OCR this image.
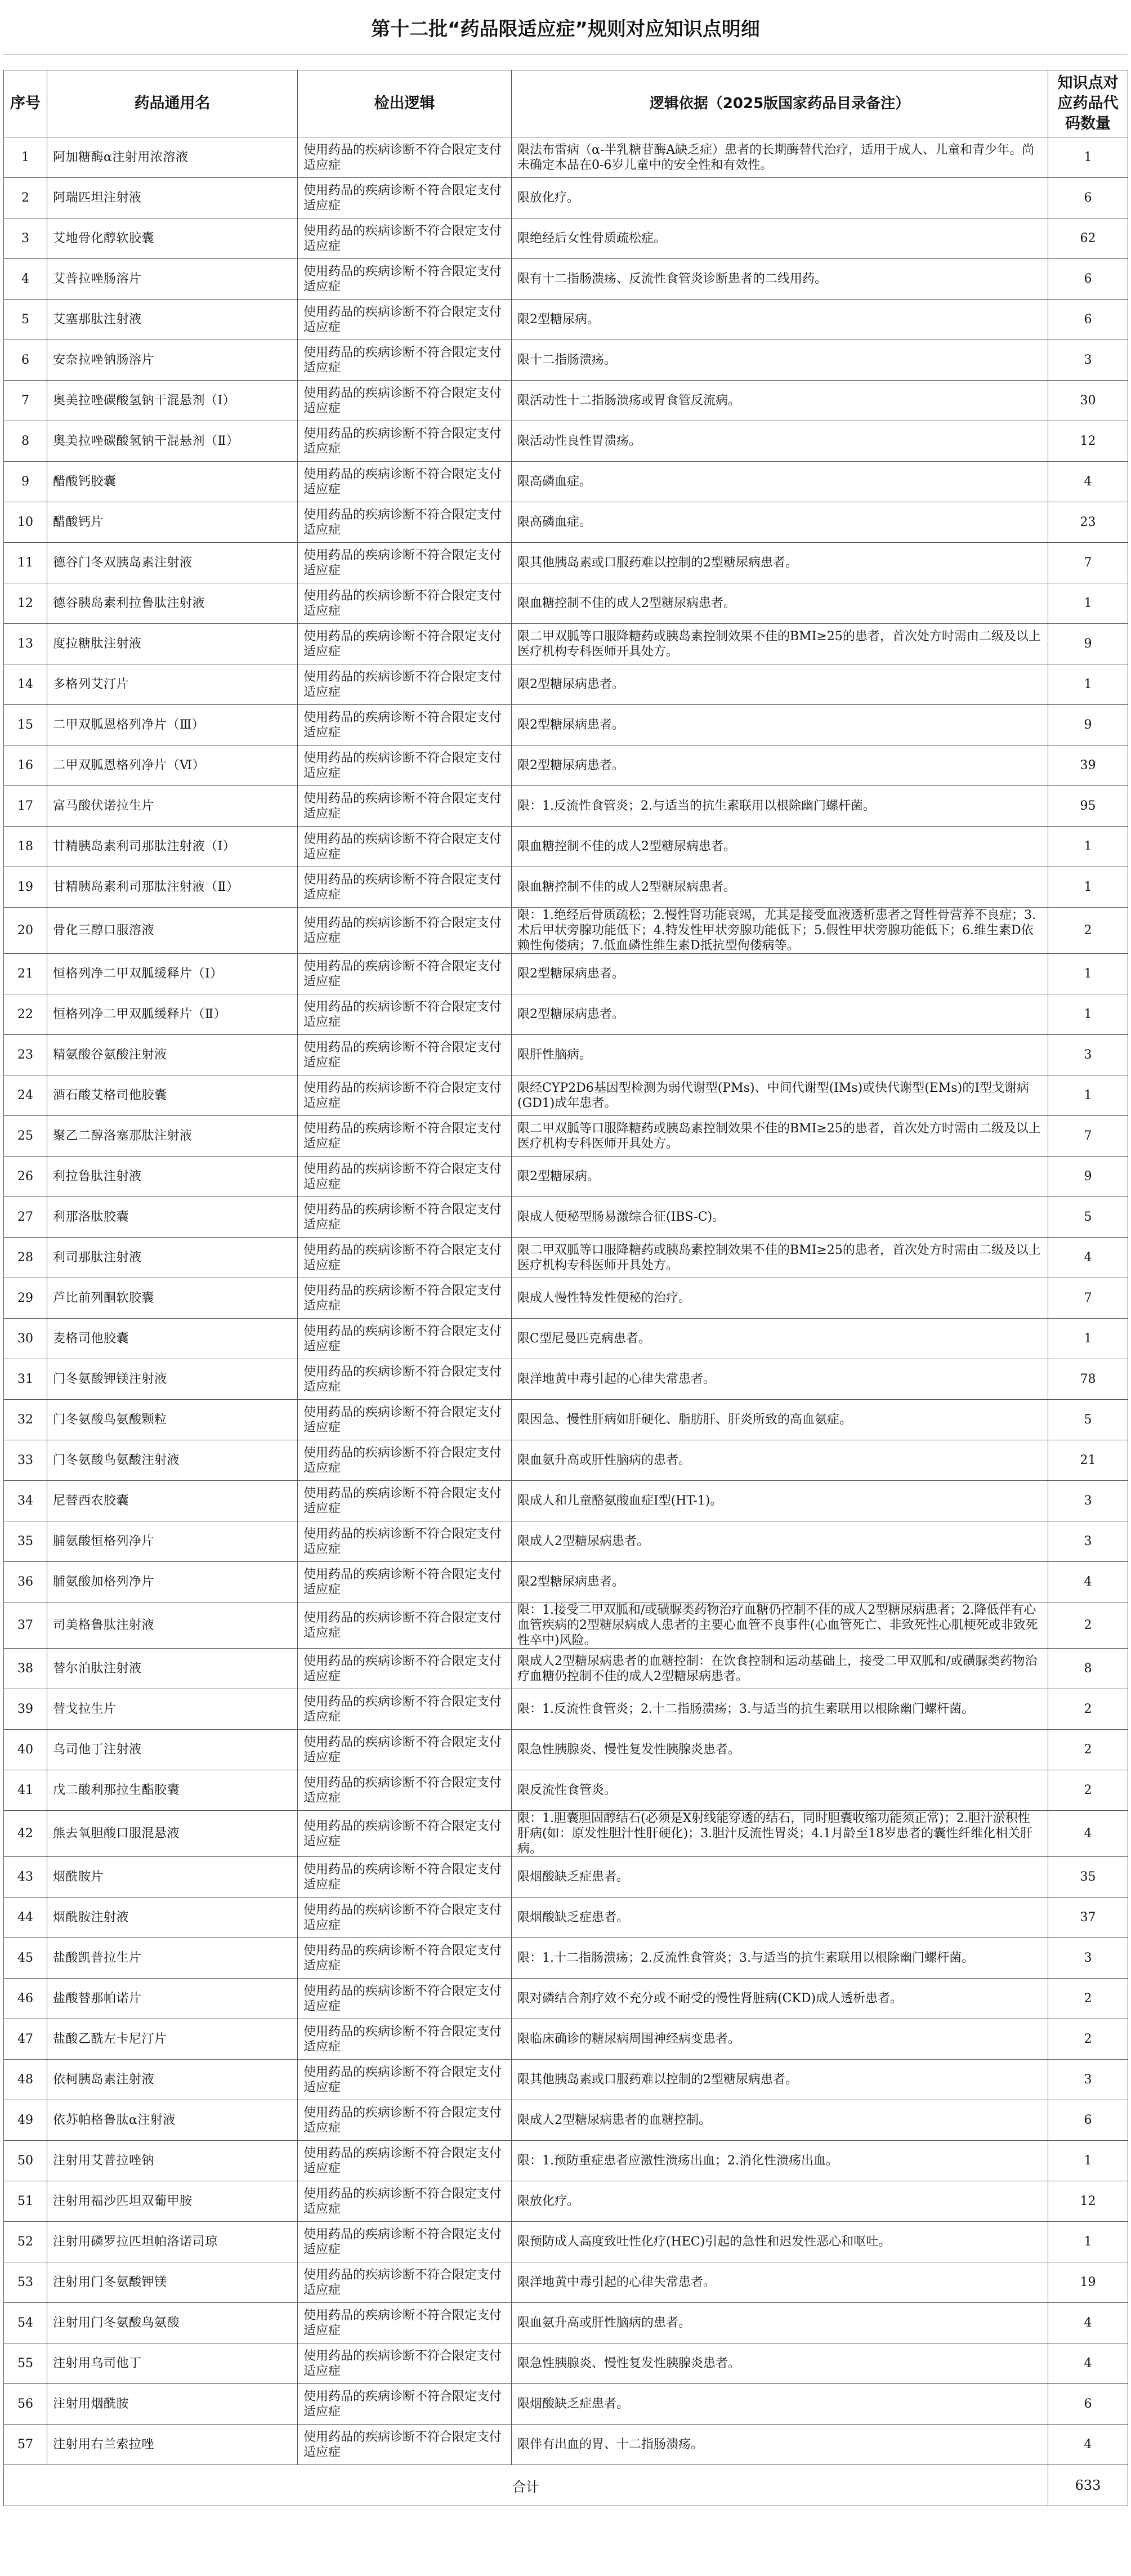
第十二批“药品限适应症”规则对应知识点明细
序号	药品通用名	检出逻辑	逻辑依据（2025版国家药品目录备注）	知识点对应药品代码数量
1	阿加糖酶α注射用浓溶液	使用药品的疾病诊断不符合限定支付适应症	限法布雷病（α-半乳糖苷酶A缺乏症）患者的长期酶替代治疗，适用于成人、儿童和青少年。尚未确定本品在0-6岁儿童中的安全性和有效性。	1
2	阿瑞匹坦注射液	使用药品的疾病诊断不符合限定支付适应症	限放化疗。	6
3	艾地骨化醇软胶囊	使用药品的疾病诊断不符合限定支付适应症	限绝经后女性骨质疏松症。	62
4	艾普拉唑肠溶片	使用药品的疾病诊断不符合限定支付适应症	限有十二指肠溃疡、反流性食管炎诊断患者的二线用药。	6
5	艾塞那肽注射液	使用药品的疾病诊断不符合限定支付适应症	限2型糖尿病。	6
6	安奈拉唑钠肠溶片	使用药品的疾病诊断不符合限定支付适应症	限十二指肠溃疡。	3
7	奥美拉唑碳酸氢钠干混悬剂（Ⅰ）	使用药品的疾病诊断不符合限定支付适应症	限活动性十二指肠溃疡或胃食管反流病。	30
8	奥美拉唑碳酸氢钠干混悬剂（Ⅱ）	使用药品的疾病诊断不符合限定支付适应症	限活动性良性胃溃疡。	12
9	醋酸钙胶囊	使用药品的疾病诊断不符合限定支付适应症	限高磷血症。	4
10	醋酸钙片	使用药品的疾病诊断不符合限定支付适应症	限高磷血症。	23
11	德谷门冬双胰岛素注射液	使用药品的疾病诊断不符合限定支付适应症	限其他胰岛素或口服药难以控制的2型糖尿病患者。	7
12	德谷胰岛素利拉鲁肽注射液	使用药品的疾病诊断不符合限定支付适应症	限血糖控制不佳的成人2型糖尿病患者。	1
13	度拉糖肽注射液	使用药品的疾病诊断不符合限定支付适应症	限二甲双胍等口服降糖药或胰岛素控制效果不佳的BMI≥25的患者，首次处方时需由二级及以上医疗机构专科医师开具处方。	9
14	多格列艾汀片	使用药品的疾病诊断不符合限定支付适应症	限2型糖尿病患者。	1
15	二甲双胍恩格列净片（Ⅲ）	使用药品的疾病诊断不符合限定支付适应症	限2型糖尿病患者。	9
16	二甲双胍恩格列净片（Ⅵ）	使用药品的疾病诊断不符合限定支付适应症	限2型糖尿病患者。	39
17	富马酸伏诺拉生片	使用药品的疾病诊断不符合限定支付适应症	限：1.反流性食管炎；2.与适当的抗生素联用以根除幽门螺杆菌。	95
18	甘精胰岛素利司那肽注射液（Ⅰ）	使用药品的疾病诊断不符合限定支付适应症	限血糖控制不佳的成人2型糖尿病患者。	1
19	甘精胰岛素利司那肽注射液（Ⅱ）	使用药品的疾病诊断不符合限定支付适应症	限血糖控制不佳的成人2型糖尿病患者。	1
20	骨化三醇口服溶液	使用药品的疾病诊断不符合限定支付适应症	限：1.绝经后骨质疏松；2.慢性肾功能衰竭，尤其是接受血液透析患者之肾性骨营养不良症；3.术后甲状旁腺功能低下；4.特发性甲状旁腺功能低下；5.假性甲状旁腺功能低下；6.维生素D依赖性佝偻病；7.低血磷性维生素D抵抗型佝偻病等。	2
21	恒格列净二甲双胍缓释片（Ⅰ）	使用药品的疾病诊断不符合限定支付适应症	限2型糖尿病患者。	1
22	恒格列净二甲双胍缓释片（Ⅱ）	使用药品的疾病诊断不符合限定支付适应症	限2型糖尿病患者。	1
23	精氨酸谷氨酸注射液	使用药品的疾病诊断不符合限定支付适应症	限肝性脑病。	3
24	酒石酸艾格司他胶囊	使用药品的疾病诊断不符合限定支付适应症	限经CYP2D6基因型检测为弱代谢型(PMs)、中间代谢型(IMs)或快代谢型(EMs)的Ⅰ型戈谢病(GD1)成年患者。	1
25	聚乙二醇洛塞那肽注射液	使用药品的疾病诊断不符合限定支付适应症	限二甲双胍等口服降糖药或胰岛素控制效果不佳的BMI≥25的患者，首次处方时需由二级及以上医疗机构专科医师开具处方。	7
26	利拉鲁肽注射液	使用药品的疾病诊断不符合限定支付适应症	限2型糖尿病。	9
27	利那洛肽胶囊	使用药品的疾病诊断不符合限定支付适应症	限成人便秘型肠易激综合征(IBS-C)。	5
28	利司那肽注射液	使用药品的疾病诊断不符合限定支付适应症	限二甲双胍等口服降糖药或胰岛素控制效果不佳的BMI≥25的患者，首次处方时需由二级及以上医疗机构专科医师开具处方。	4
29	芦比前列酮软胶囊	使用药品的疾病诊断不符合限定支付适应症	限成人慢性特发性便秘的治疗。	7
30	麦格司他胶囊	使用药品的疾病诊断不符合限定支付适应症	限C型尼曼匹克病患者。	1
31	门冬氨酸钾镁注射液	使用药品的疾病诊断不符合限定支付适应症	限洋地黄中毒引起的心律失常患者。	78
32	门冬氨酸鸟氨酸颗粒	使用药品的疾病诊断不符合限定支付适应症	限因急、慢性肝病如肝硬化、脂肪肝、肝炎所致的高血氨症。	5
33	门冬氨酸鸟氨酸注射液	使用药品的疾病诊断不符合限定支付适应症	限血氨升高或肝性脑病的患者。	21
34	尼替西农胶囊	使用药品的疾病诊断不符合限定支付适应症	限成人和儿童酪氨酸血症Ⅰ型(HT-1)。	3
35	脯氨酸恒格列净片	使用药品的疾病诊断不符合限定支付适应症	限成人2型糖尿病患者。	3
36	脯氨酸加格列净片	使用药品的疾病诊断不符合限定支付适应症	限2型糖尿病患者。	4
37	司美格鲁肽注射液	使用药品的疾病诊断不符合限定支付适应症	限：1.接受二甲双胍和/或磺脲类药物治疗血糖仍控制不佳的成人2型糖尿病患者；2.降低伴有心血管疾病的2型糖尿病成人患者的主要心血管不良事件(心血管死亡、非致死性心肌梗死或非致死性卒中)风险。	2
38	替尔泊肽注射液	使用药品的疾病诊断不符合限定支付适应症	限成人2型糖尿病患者的血糖控制：在饮食控制和运动基础上，接受二甲双胍和/或磺脲类药物治疗血糖仍控制不佳的成人2型糖尿病患者。	8
39	替戈拉生片	使用药品的疾病诊断不符合限定支付适应症	限：1.反流性食管炎；2.十二指肠溃疡；3.与适当的抗生素联用以根除幽门螺杆菌。	2
40	乌司他丁注射液	使用药品的疾病诊断不符合限定支付适应症	限急性胰腺炎、慢性复发性胰腺炎患者。	2
41	戊二酸利那拉生酯胶囊	使用药品的疾病诊断不符合限定支付适应症	限反流性食管炎。	2
42	熊去氧胆酸口服混悬液	使用药品的疾病诊断不符合限定支付适应症	限：1.胆囊胆固醇结石(必须是X射线能穿透的结石，同时胆囊收缩功能须正常)；2.胆汁淤积性肝病(如：原发性胆汁性肝硬化)；3.胆汁反流性胃炎；4.1月龄至18岁患者的囊性纤维化相关肝病。	4
43	烟酰胺片	使用药品的疾病诊断不符合限定支付适应症	限烟酸缺乏症患者。	35
44	烟酰胺注射液	使用药品的疾病诊断不符合限定支付适应症	限烟酸缺乏症患者。	37
45	盐酸凯普拉生片	使用药品的疾病诊断不符合限定支付适应症	限：1.十二指肠溃疡；2.反流性食管炎；3.与适当的抗生素联用以根除幽门螺杆菌。	3
46	盐酸替那帕诺片	使用药品的疾病诊断不符合限定支付适应症	限对磷结合剂疗效不充分或不耐受的慢性肾脏病(CKD)成人透析患者。	2
47	盐酸乙酰左卡尼汀片	使用药品的疾病诊断不符合限定支付适应症	限临床确诊的糖尿病周围神经病变患者。	2
48	依柯胰岛素注射液	使用药品的疾病诊断不符合限定支付适应症	限其他胰岛素或口服药难以控制的2型糖尿病患者。	3
49	依苏帕格鲁肽α注射液	使用药品的疾病诊断不符合限定支付适应症	限成人2型糖尿病患者的血糖控制。	6
50	注射用艾普拉唑钠	使用药品的疾病诊断不符合限定支付适应症	限：1.预防重症患者应激性溃疡出血；2.消化性溃疡出血。	1
51	注射用福沙匹坦双葡甲胺	使用药品的疾病诊断不符合限定支付适应症	限放化疗。	12
52	注射用磷罗拉匹坦帕洛诺司琼	使用药品的疾病诊断不符合限定支付适应症	限预防成人高度致吐性化疗(HEC)引起的急性和迟发性恶心和呕吐。	1
53	注射用门冬氨酸钾镁	使用药品的疾病诊断不符合限定支付适应症	限洋地黄中毒引起的心律失常患者。	19
54	注射用门冬氨酸鸟氨酸	使用药品的疾病诊断不符合限定支付适应症	限血氨升高或肝性脑病的患者。	4
55	注射用乌司他丁	使用药品的疾病诊断不符合限定支付适应症	限急性胰腺炎、慢性复发性胰腺炎患者。	4
56	注射用烟酰胺	使用药品的疾病诊断不符合限定支付适应症	限烟酸缺乏症患者。	6
57	注射用右兰索拉唑	使用药品的疾病诊断不符合限定支付适应症	限伴有出血的胃、十二指肠溃疡。	4
合计				633
